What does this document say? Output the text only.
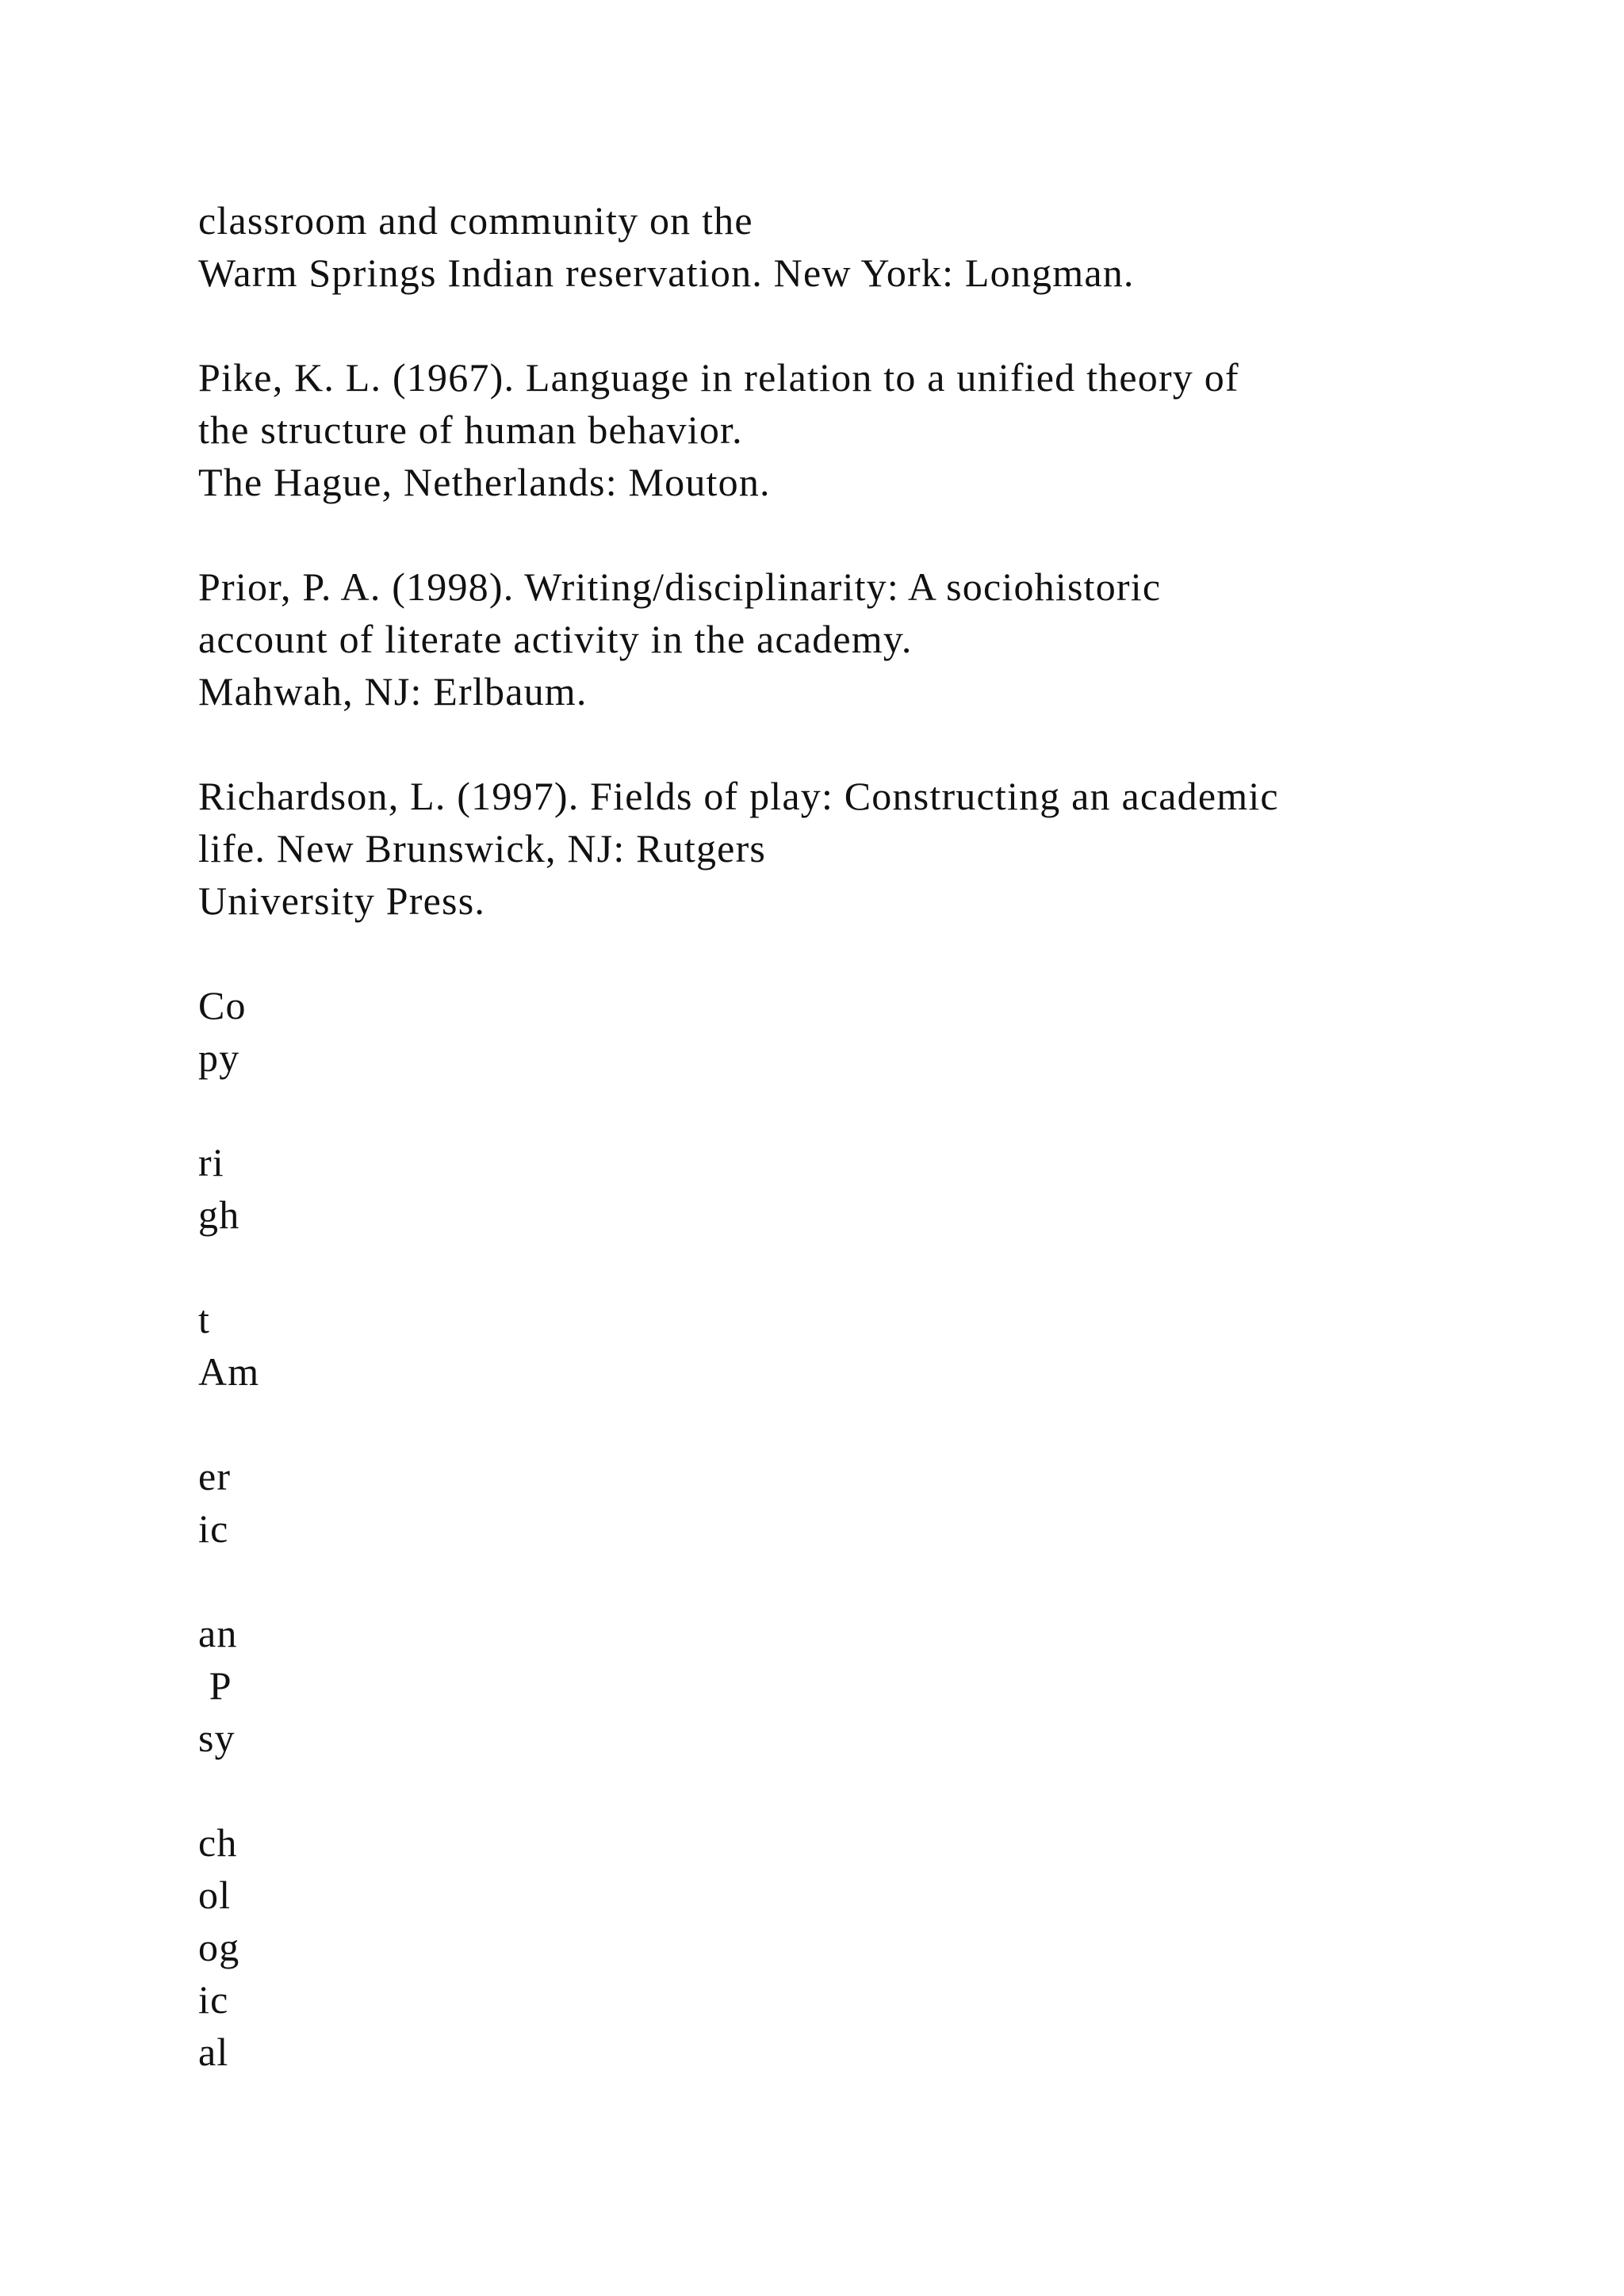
classroom and community on the
Warm Springs Indian reservation. New York: Longman.
Pike, K. L. (1967). Language in relation to a unified theory of
the structure of human behavior.
The Hague, Netherlands: Mouton.
Prior, P. A. (1998). Writing/disciplinarity: A sociohistoric
account of literate activity in the academy.
Mahwah, NJ: Erlbaum.
Richardson, L. (1997). Fields of play: Constructing an academic
life. New Brunswick, NJ: Rutgers
University Press.
Co
py
ri
gh
t
Am
er
ic
an
P
sy
ch
ol
og
ic
al
